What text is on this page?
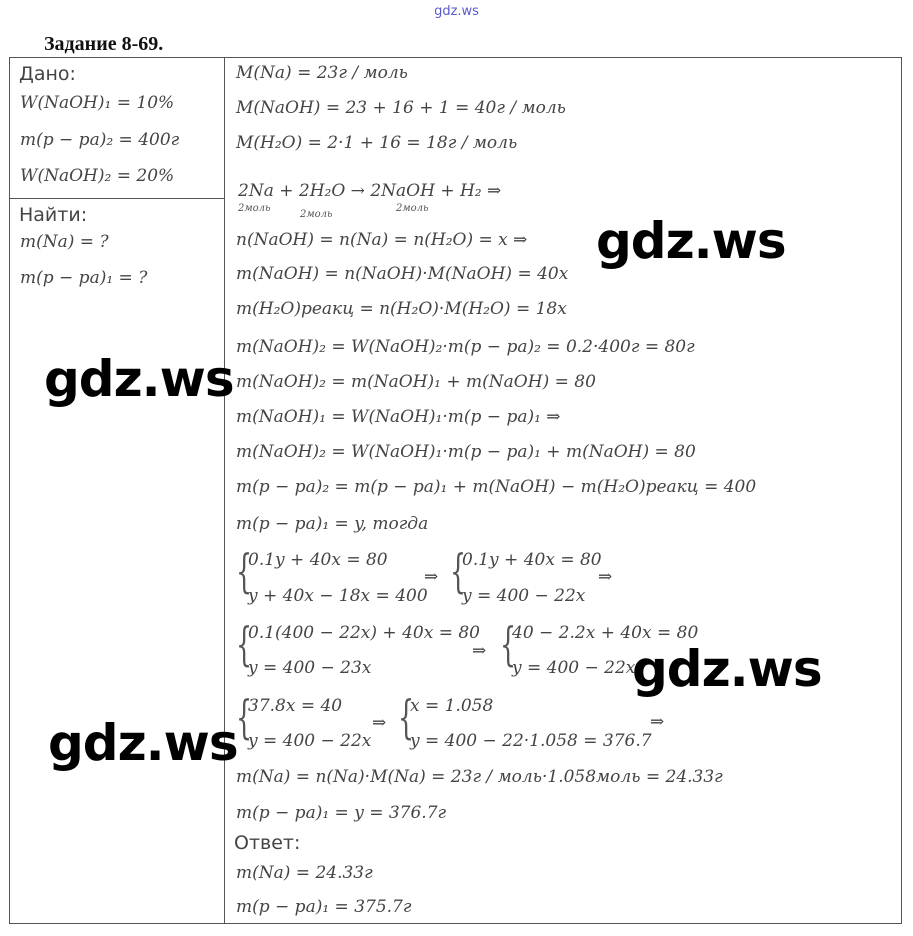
gdz.ws
Задание 8-69.
Дано:
W(NaOH)₁ = 10%
m(p − pa)₂ = 400г
W(NaOH)₂ = 20%
Найти:
m(Na) = ?
m(p − pa)₁ = ?
M(Na) = 23г / моль
M(NaOH) = 23 + 16 + 1 = 40г / моль
M(H₂O) = 2·1 + 16 = 18г / моль
2Na + 2H₂O → 2NaOH + H₂ ⇒
2моль
2моль
2моль
n(NaOH) = n(Na) = n(H₂O) = x ⇒
m(NaOH) = n(NaOH)·M(NaOH) = 40x
m(H₂O)реакц = n(H₂O)·M(H₂O) = 18x
m(NaOH)₂ = W(NaOH)₂·m(p − pa)₂ = 0.2·400г = 80г
m(NaOH)₂ = m(NaOH)₁ + m(NaOH) = 80
m(NaOH)₁ = W(NaOH)₁·m(p − pa)₁ ⇒
m(NaOH)₂ = W(NaOH)₁·m(p − pa)₁ + m(NaOH) = 80
m(p − pa)₂ = m(p − pa)₁ + m(NaOH) − m(H₂O)реакц = 400
m(p − pa)₁ = y, тогда
{
0.1y + 40x = 80
y + 40x − 18x = 400
⇒ {
0.1y + 40x = 80
y = 400 − 22x
⇒
{
0.1(400 − 22x) + 40x = 80
y = 400 − 23x
⇒ {
40 − 2.2x + 40x = 80
y = 400 − 22x
{
37.8x = 40
y = 400 − 22x
⇒ {
x = 1.058
y = 400 − 22·1.058 = 376.7
⇒
m(Na) = n(Na)·M(Na) = 23г / моль·1.058моль = 24.33г
m(p − pa)₁ = y = 376.7г
Ответ:
m(Na) = 24.33г
m(p − pa)₁ = 375.7г
gdz.ws
gdz.ws
gdz.ws
gdz.ws
